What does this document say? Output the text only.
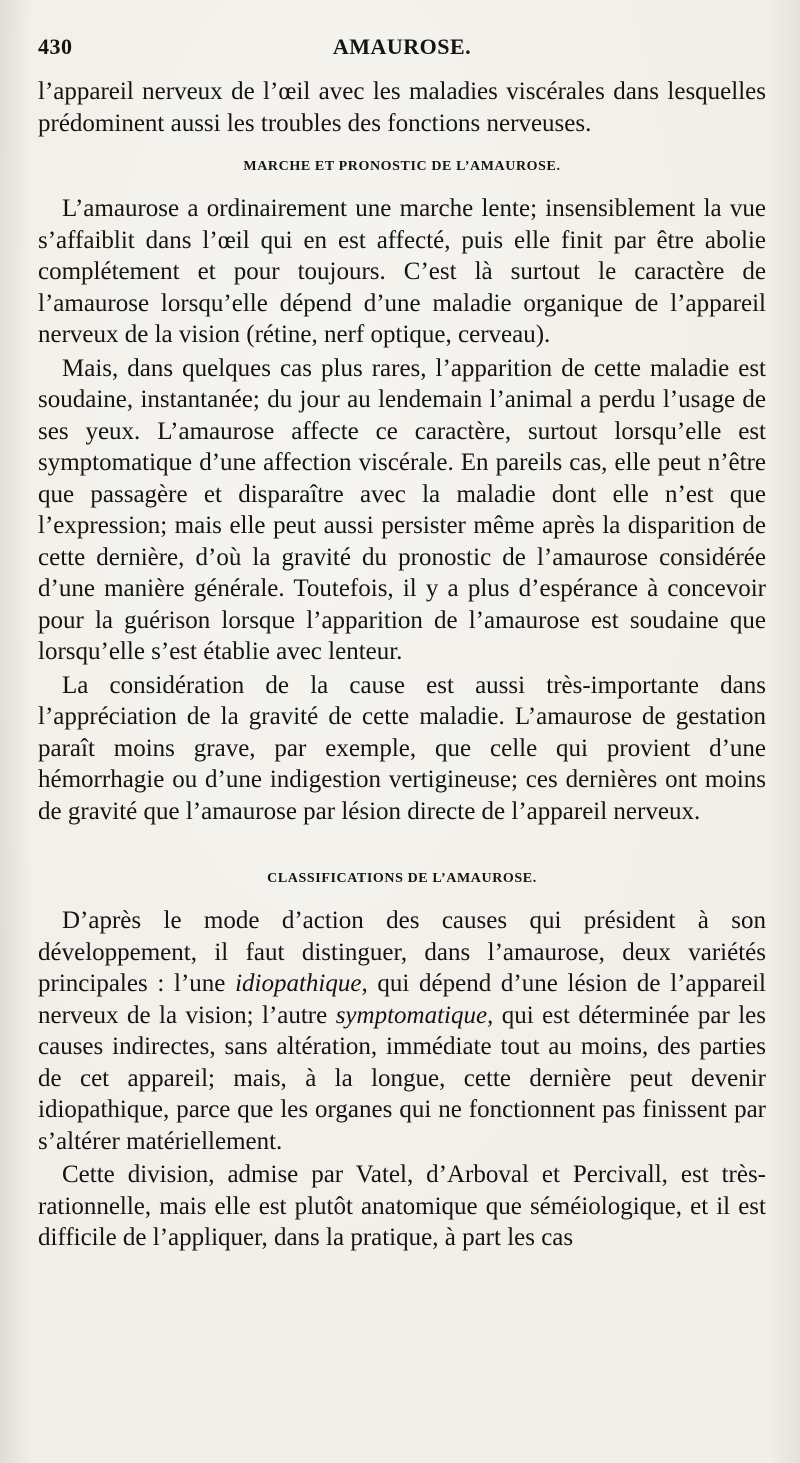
430	AMAUROSE.

l’appareil nerveux de l’œil avec les maladies viscérales dans lesquelles prédominent aussi les troubles des fonctions nerveuses.

MARCHE ET PRONOSTIC DE L’AMAUROSE.

L’amaurose a ordinairement une marche lente; insensiblement la vue s’affaiblit dans l’œil qui en est affecté, puis elle finit par être abolie complétement et pour toujours. C’est là surtout le caractère de l’amaurose lorsqu’elle dépend d’une maladie organique de l’appareil nerveux de la vision (rétine, nerf optique, cerveau).

Mais, dans quelques cas plus rares, l’apparition de cette maladie est soudaine, instantanée; du jour au lendemain l’animal a perdu l’usage de ses yeux. L’amaurose affecte ce caractère, surtout lorsqu’elle est symptomatique d’une affection viscérale. En pareils cas, elle peut n’être que passagère et disparaître avec la maladie dont elle n’est que l’expression; mais elle peut aussi persister même après la disparition de cette dernière, d’où la gravité du pronostic de l’amaurose considérée d’une manière générale. Toutefois, il y a plus d’espérance à concevoir pour la guérison lorsque l’apparition de l’amaurose est soudaine que lorsqu’elle s’est établie avec lenteur.

La considération de la cause est aussi très-importante dans l’appréciation de la gravité de cette maladie. L’amaurose de gestation paraît moins grave, par exemple, que celle qui provient d’une hémorrhagie ou d’une indigestion vertigineuse; ces dernières ont moins de gravité que l’amaurose par lésion directe de l’appareil nerveux.

CLASSIFICATIONS DE L’AMAUROSE.

D’après le mode d’action des causes qui président à son développement, il faut distinguer, dans l’amaurose, deux variétés principales : l’une idiopathique, qui dépend d’une lésion de l’appareil nerveux de la vision; l’autre symptomatique, qui est déterminée par les causes indirectes, sans altération, immédiate tout au moins, des parties de cet appareil; mais, à la longue, cette dernière peut devenir idiopathique, parce que les organes qui ne fonctionnent pas finissent par s’altérer matériellement.

Cette division, admise par Vatel, d’Arboval et Percivall, est très-rationnelle, mais elle est plutôt anatomique que séméiologique, et il est difficile de l’appliquer, dans la pratique, à part les cas
